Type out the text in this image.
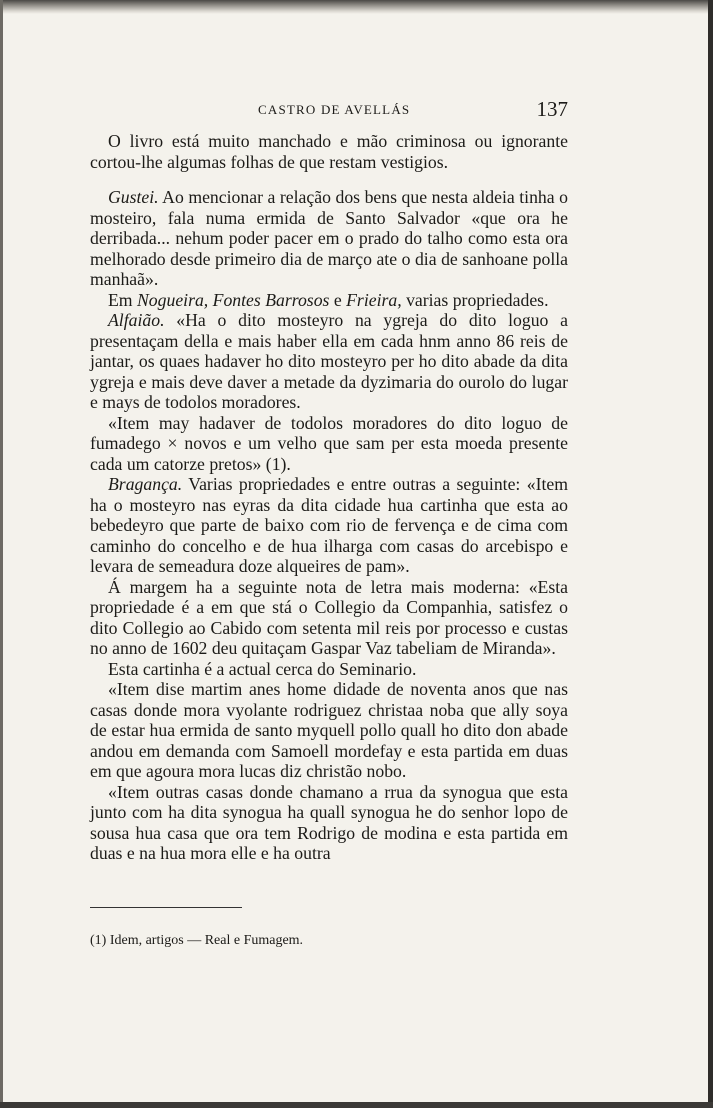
CASTRO DE AVELLÁS	137

O livro está muito manchado e mão criminosa ou ignorante cortou-lhe algumas folhas de que restam vestigios.

Gustei. Ao mencionar a relação dos bens que nesta aldeia tinha o mosteiro, fala numa ermida de Santo Salvador «que ora he derribada... nehum poder pacer em o prado do talho como esta ora melhorado desde primeiro dia de março ate o dia de sanhoane polla manhaã».

Em Nogueira, Fontes Barrosos e Frieira, varias propriedades.

Alfaião. «Ha o dito mosteyro na ygreja do dito loguo a presentaçam della e mais haber ella em cada hnm anno 86 reis de jantar, os quaes hadaver ho dito mosteyro per ho dito abade da dita ygreja e mais deve daver a metade da dyzimaria do ourolo do lugar e mays de todolos moradores.

«Item may hadaver de todolos moradores do dito loguo de fumadego × novos e um velho que sam per esta moeda presente cada um catorze pretos» (1).

Bragança. Varias propriedades e entre outras a seguinte: «Item ha o mosteyro nas eyras da dita cidade hua cartinha que esta ao bebedeyro que parte de baixo com rio de fervença e de cima com caminho do concelho e de hua ilharga com casas do arcebispo e levara de semeadura doze alqueires de pam».

Á margem ha a seguinte nota de letra mais moderna: «Esta propriedade é a em que stá o Collegio da Companhia, satisfez o dito Collegio ao Cabido com setenta mil reis por processo e custas no anno de 1602 deu quitaçam Gaspar Vaz tabeliam de Miranda».

Esta cartinha é a actual cerca do Seminario.

«Item dise martim anes home didade de noventa anos que nas casas donde mora vyolante rodriguez christaa noba que ally soya de estar hua ermida de santo myquell pollo quall ho dito don abade andou em demanda com Samoell mordefay e esta partida em duas em que agoura mora lucas diz christão nobo.

«Item outras casas donde chamano a rrua da synogua que esta junto com ha dita synogua ha quall synogua he do senhor lopo de sousa hua casa que ora tem Rodrigo de modina e esta partida em duas e na hua mora elle e ha outra

(1) Idem, artigos — Real e Fumagem.
